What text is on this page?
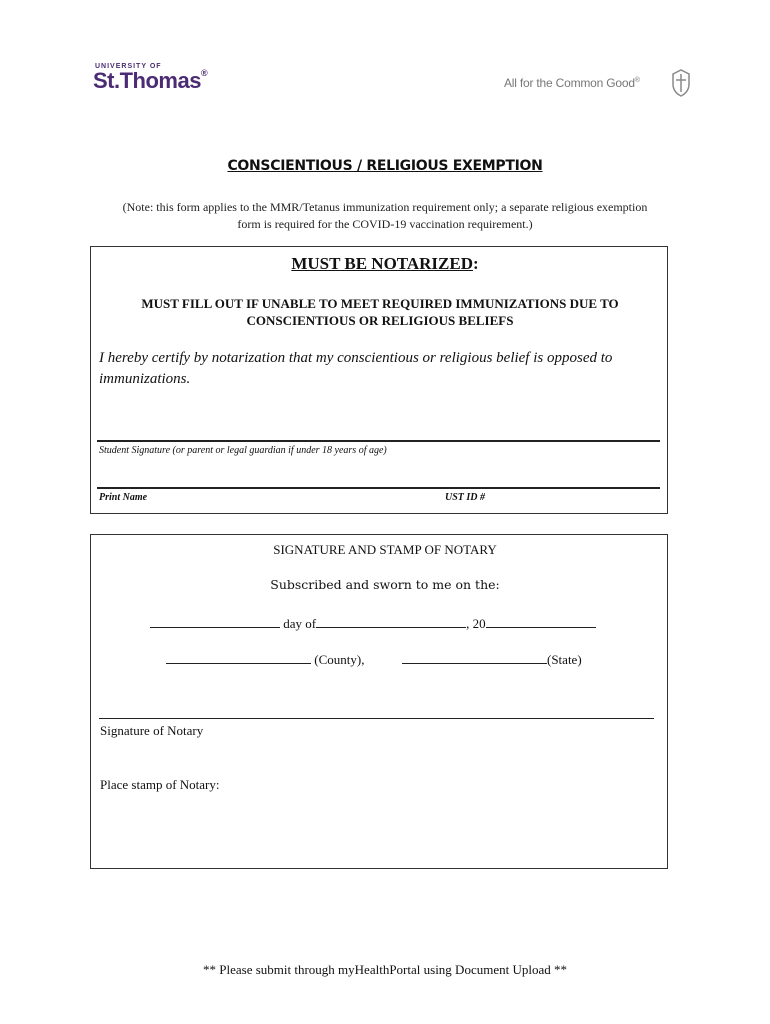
UNIVERSITY OF
St.Thomas®
All for the Common Good®
CONSCIENTIOUS / RELIGIOUS EXEMPTION
(Note: this form applies to the MMR/Tetanus immunization requirement only; a separate religious exemption form is required for the COVID-19 vaccination requirement.)
MUST BE NOTARIZED:
MUST FILL OUT IF UNABLE TO MEET REQUIRED IMMUNIZATIONS DUE TO CONSCIENTIOUS OR RELIGIOUS BELIEFS
I hereby certify by notarization that my conscientious or religious belief is opposed to immunizations.
Student Signature (or parent or legal guardian if under 18 years of age)
Print Name	UST ID #
SIGNATURE AND STAMP OF NOTARY
Subscribed and sworn to me on the:
day of	, 20
(County),	(State)
Signature of Notary
Place stamp of Notary:
** Please submit through myHealthPortal using Document Upload **
